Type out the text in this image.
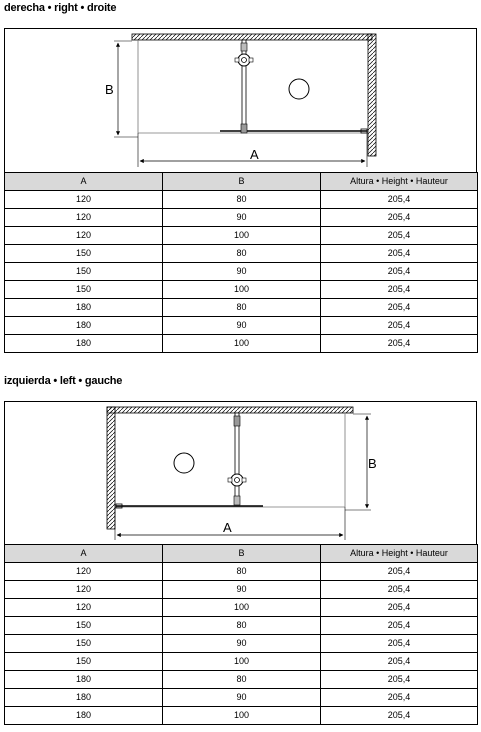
derecha • right • droite
B
A
A	B	Altura • Height • Hauteur
120	80	205,4
120	90	205,4
120	100	205,4
150	80	205,4
150	90	205,4
150	100	205,4
180	80	205,4
180	90	205,4
180	100	205,4
izquierda • left • gauche
B
A
A	B	Altura • Height • Hauteur
120	80	205,4
120	90	205,4
120	100	205,4
150	80	205,4
150	90	205,4
150	100	205,4
180	80	205,4
180	90	205,4
180	100	205,4
